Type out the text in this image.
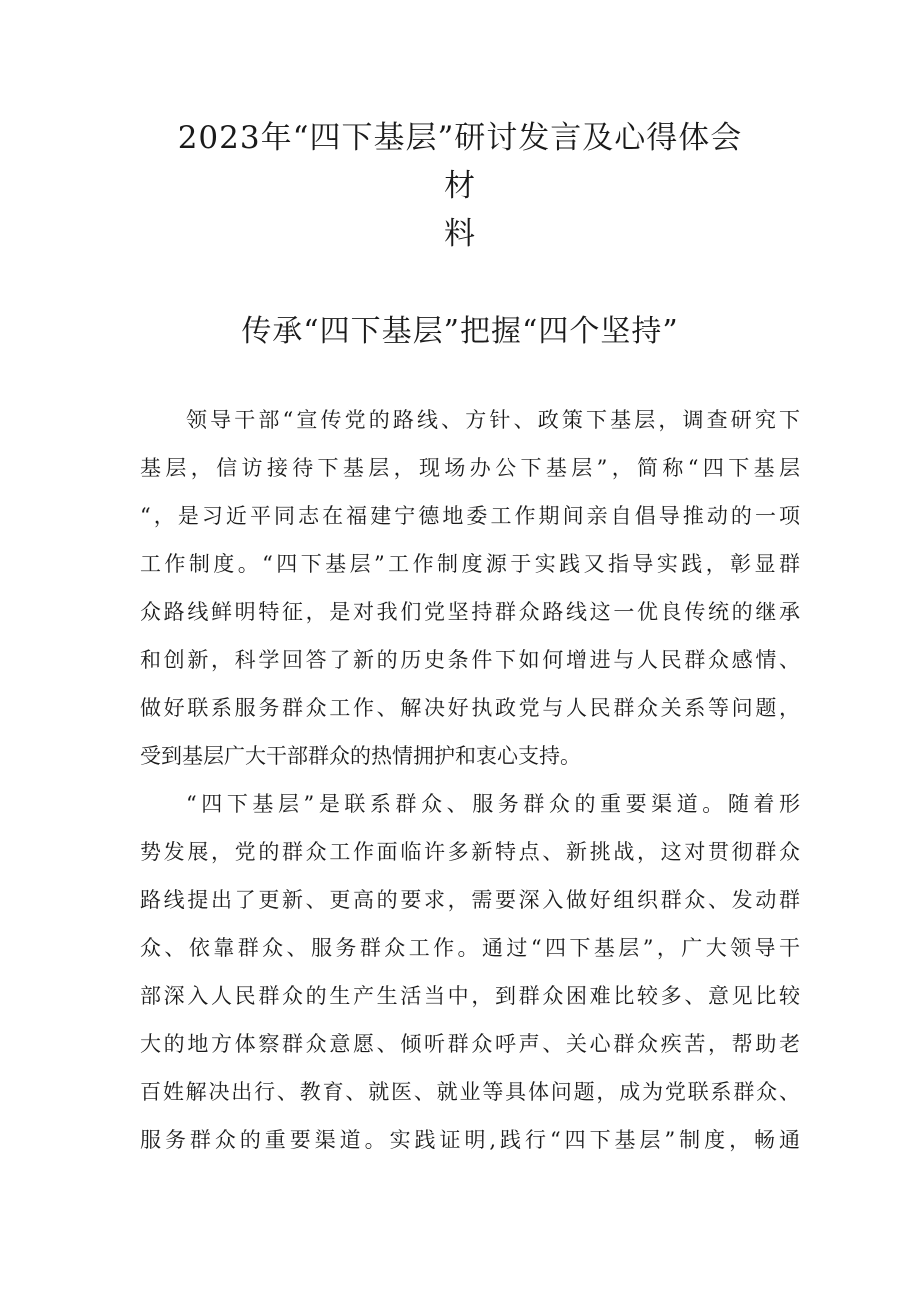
2023年“四下基层”研讨发言及心得体会
材
料
传承“四下基层”把握“四个坚持”
领导干部“宣传党的路线、方针、政策下基层，调查研究下
基层，信访接待下基层，现场办公下基层”，简称“四下基层
“，是习近平同志在福建宁德地委工作期间亲自倡导推动的一项
工作制度。“四下基层”工作制度源于实践又指导实践，彰显群
众路线鲜明特征，是对我们党坚持群众路线这一优良传统的继承
和创新，科学回答了新的历史条件下如何增进与人民群众感情、
做好联系服务群众工作、解决好执政党与人民群众关系等问题，
受到基层广大干部群众的热情拥护和衷心支持。
“四下基层”是联系群众、服务群众的重要渠道。随着形
势发展，党的群众工作面临许多新特点、新挑战，这对贯彻群众
路线提出了更新、更高的要求，需要深入做好组织群众、发动群
众、依靠群众、服务群众工作。通过“四下基层”，广大领导干
部深入人民群众的生产生活当中，到群众困难比较多、意见比较
大的地方体察群众意愿、倾听群众呼声、关心群众疾苦，帮助老
百姓解决出行、教育、就医、就业等具体问题，成为党联系群众、
服务群众的重要渠道。实践证明,践行“四下基层”制度，畅通
